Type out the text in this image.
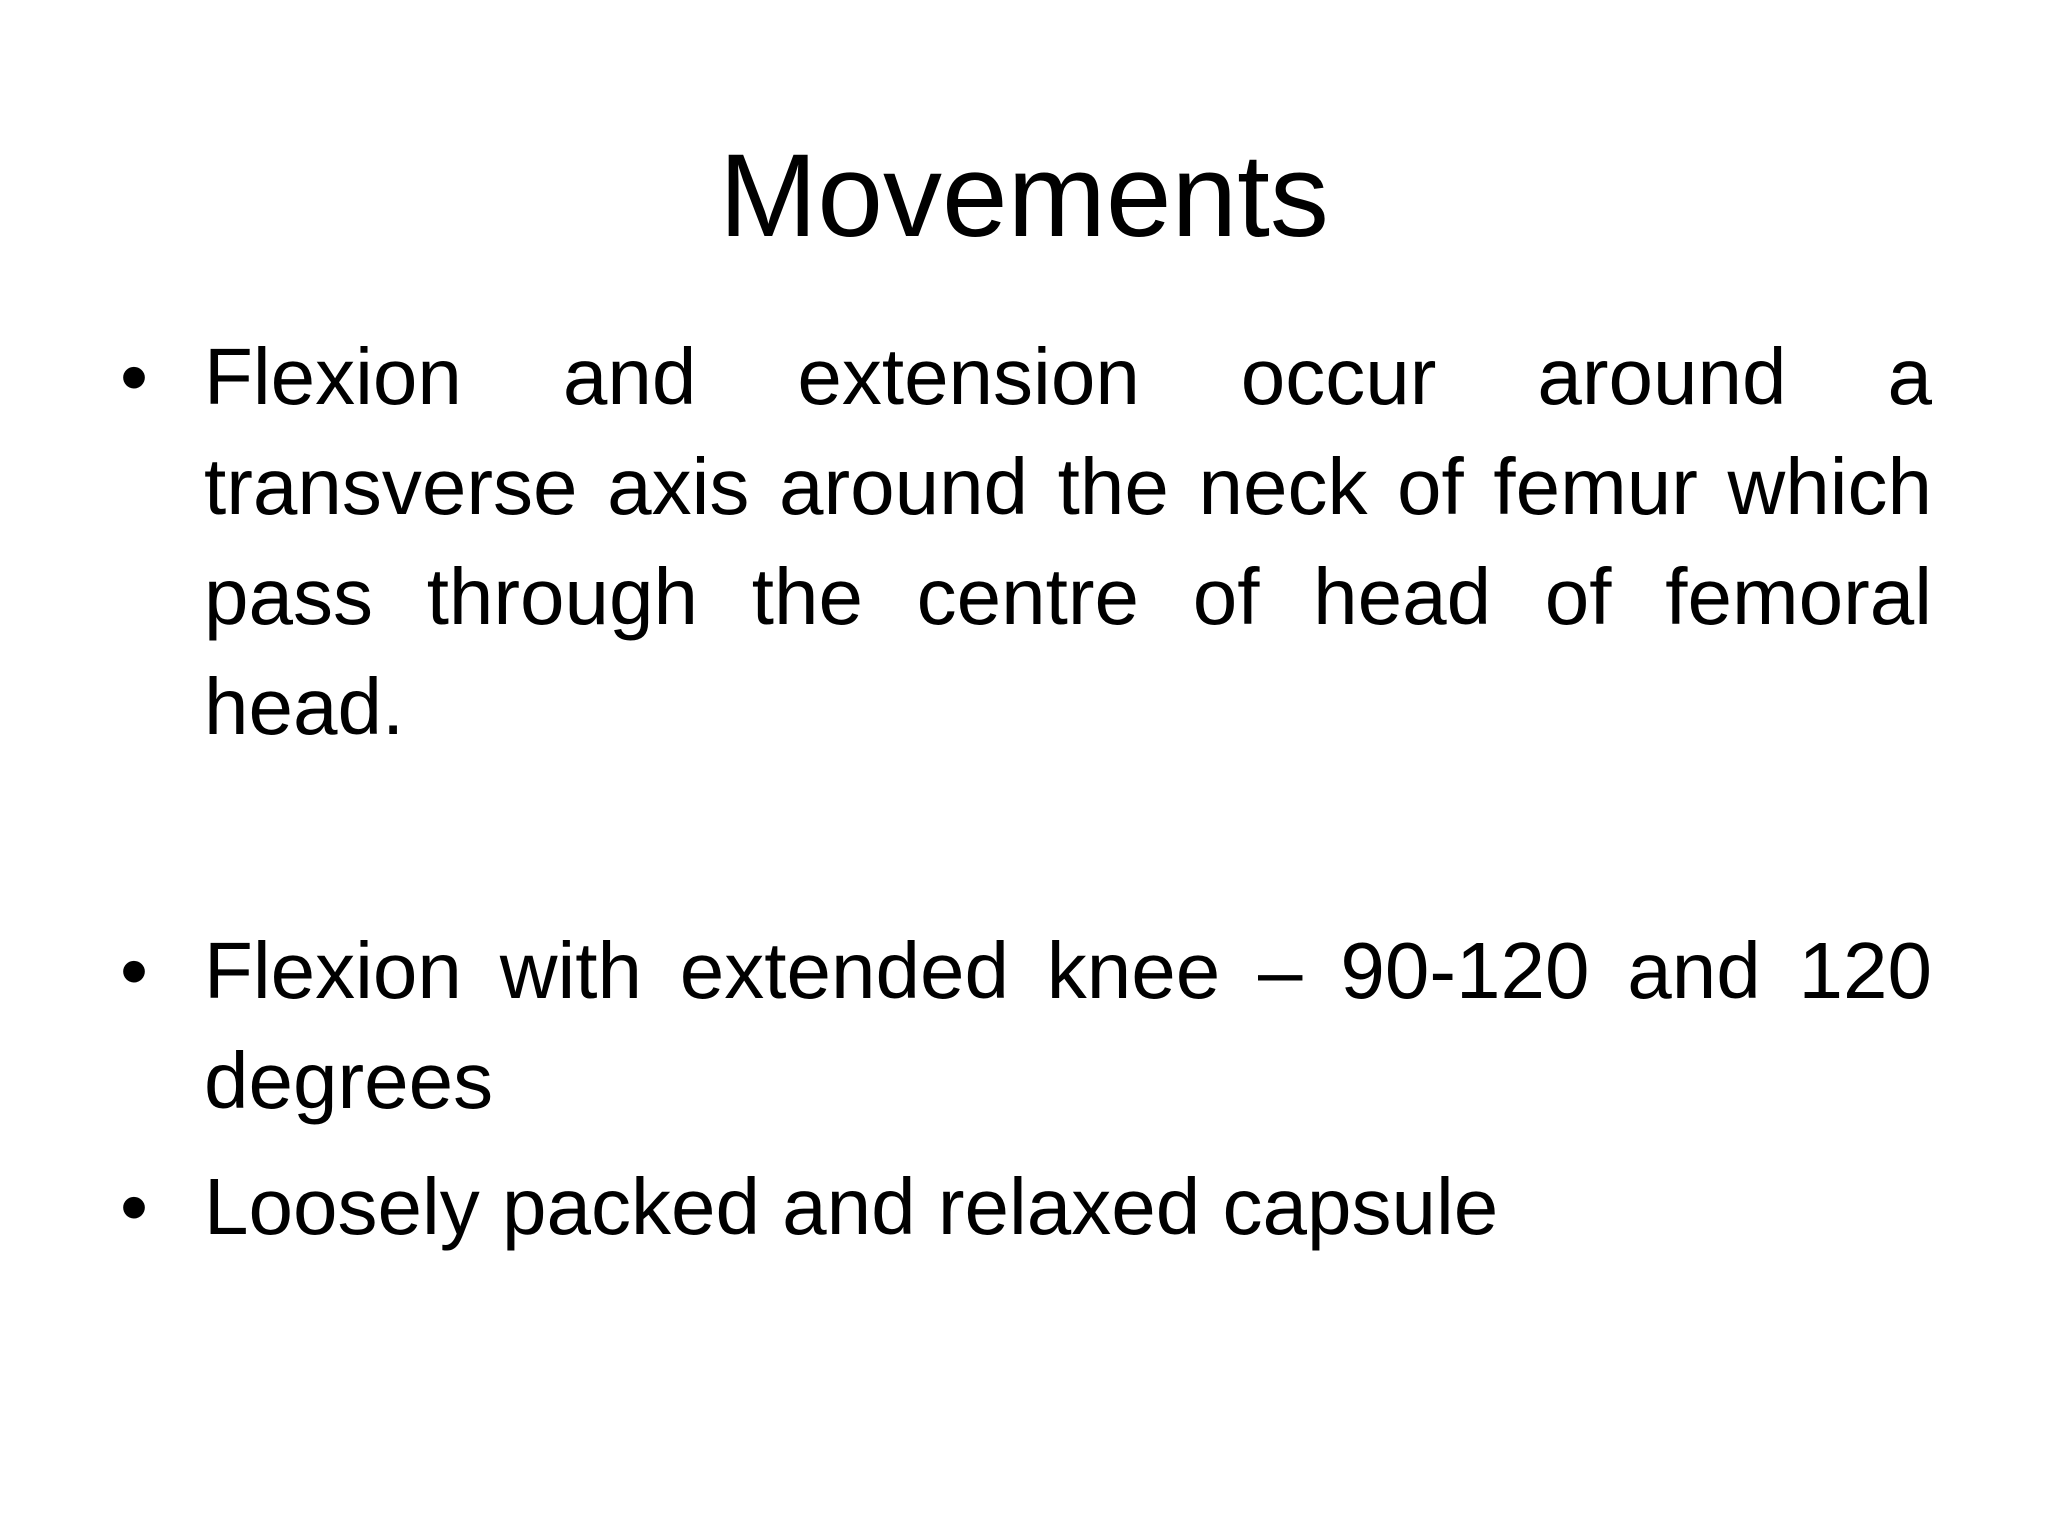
Movements
• Flexion and extension occur around a transverse axis around the neck of femur which pass through the centre of head of femoral head.

• Flexion with extended knee – 90-120 and 120 degrees

• Loosely packed and relaxed capsule
